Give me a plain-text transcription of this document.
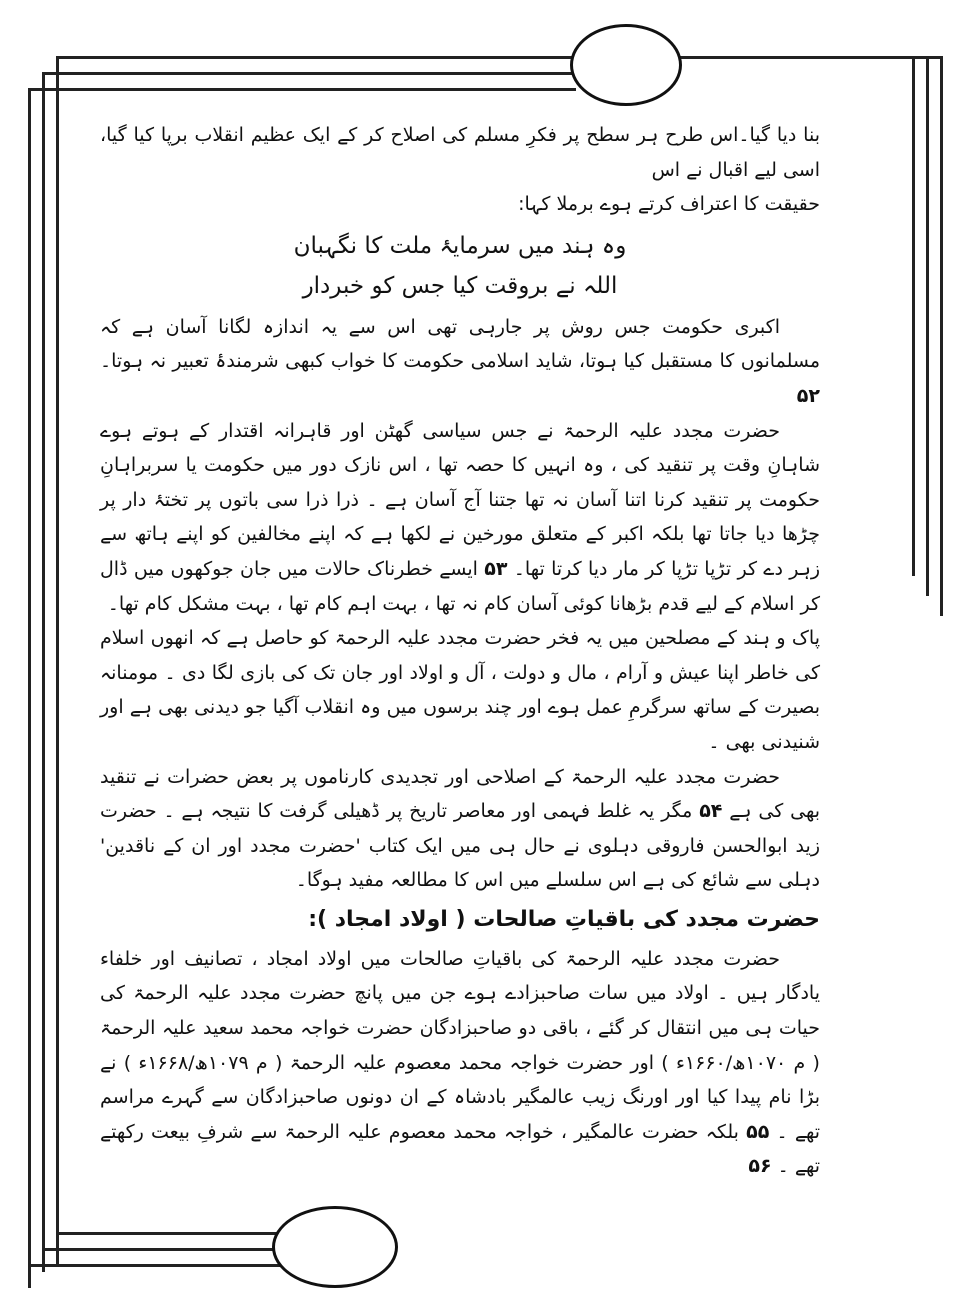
بنا دیا گیا۔اس طرح ہر سطح پر فکرِ مسلم کی اصلاح کر کے ایک عظیم انقلاب برپا کیا گیا، اسی لیے اقبال نے اس

حقیقت کا اعتراف کرتے ہوے برملا کہا:

وہ ہند میں سرمایۂ ملت کا نگہبان
اللہ نے بروقت کیا جس کو خبردار

اکبری حکومت جس روش پر جارہی تھی اس سے یہ اندازہ لگانا آسان ہے کہ مسلمانوں کا مستقبل کیا ہوتا، شاید اسلامی حکومت کا خواب کبھی شرمندۂ تعبیر نہ ہوتا۔ ۵۲

حضرت مجدد علیہ الرحمۃ نے جس سیاسی گھٹن اور قاہرانہ اقتدار کے ہوتے ہوے شاہانِ وقت پر تنقید کی ، وہ انہیں کا حصہ تھا ، اس نازک دور میں حکومت یا سربراہانِ حکومت پر تنقید کرنا اتنا آسان نہ تھا جتنا آج آسان ہے ۔ ذرا ذرا سی باتوں پر تختۂ دار پر چڑھا دیا جاتا تھا بلکہ اکبر کے متعلق مورخین نے لکھا ہے کہ اپنے مخالفین کو اپنے ہاتھ سے زہر دے کر تڑپا تڑپا کر مار دیا کرتا تھا۔ ۵۳ ایسے خطرناک حالات میں جان جوکھوں میں ڈال کر اسلام کے لیے قدم بڑھانا کوئی آسان کام نہ تھا ، بہت اہم کام تھا ، بہت مشکل کام تھا۔

پاک و ہند کے مصلحین میں یہ فخر حضرت مجدد علیہ الرحمۃ کو حاصل ہے کہ انھوں اسلام کی خاطر اپنا عیش و آرام ، مال و دولت ، آل و اولاد اور جان تک کی بازی لگا دی ۔ مومنانہ بصیرت کے ساتھ سرگرمِ عمل ہوے اور چند برسوں میں وہ انقلاب آگیا جو دیدنی بھی ہے اور شنیدنی بھی ۔

حضرت مجدد علیہ الرحمۃ کے اصلاحی اور تجدیدی کارناموں پر بعض حضرات نے تنقید بھی کی ہے ۵۴ مگر یہ غلط فہمی اور معاصر تاریخ پر ڈھیلی گرفت کا نتیجہ ہے ۔ حضرت زید ابوالحسن فاروقی دہلوی نے حال ہی میں ایک کتاب 'حضرت مجدد اور ان کے ناقدین' دہلی سے شائع کی ہے اس سلسلے میں اس کا مطالعہ مفید ہوگا۔

حضرت مجدد کی باقیاتِ صالحات ( اولاد امجاد ):

حضرت مجدد علیہ الرحمۃ کی باقیاتِ صالحات میں اولاد امجاد ، تصانیف اور خلفاء یادگار ہیں ۔ اولاد میں سات صاحبزادے ہوے جن میں پانچ حضرت مجدد علیہ الرحمۃ کی حیات ہی میں انتقال کر گئے ، باقی دو صاحبزادگان حضرت خواجہ محمد سعید علیہ الرحمۃ ( م ۱۰۷۰ھ/۱۶۶۰ء ) اور حضرت خواجہ محمد معصوم علیہ الرحمۃ ( م ۱۰۷۹ھ/۱۶۶۸ء ) نے بڑا نام پیدا کیا اور اورنگ زیب عالمگیر بادشاہ کے ان دونوں صاحبزادگان سے گہرے مراسم تھے ۔ ۵۵ بلکہ حضرت عالمگیر ، خواجہ محمد معصوم علیہ الرحمۃ سے شرفِ بیعت رکھتے تھے ۔ ۵۶
